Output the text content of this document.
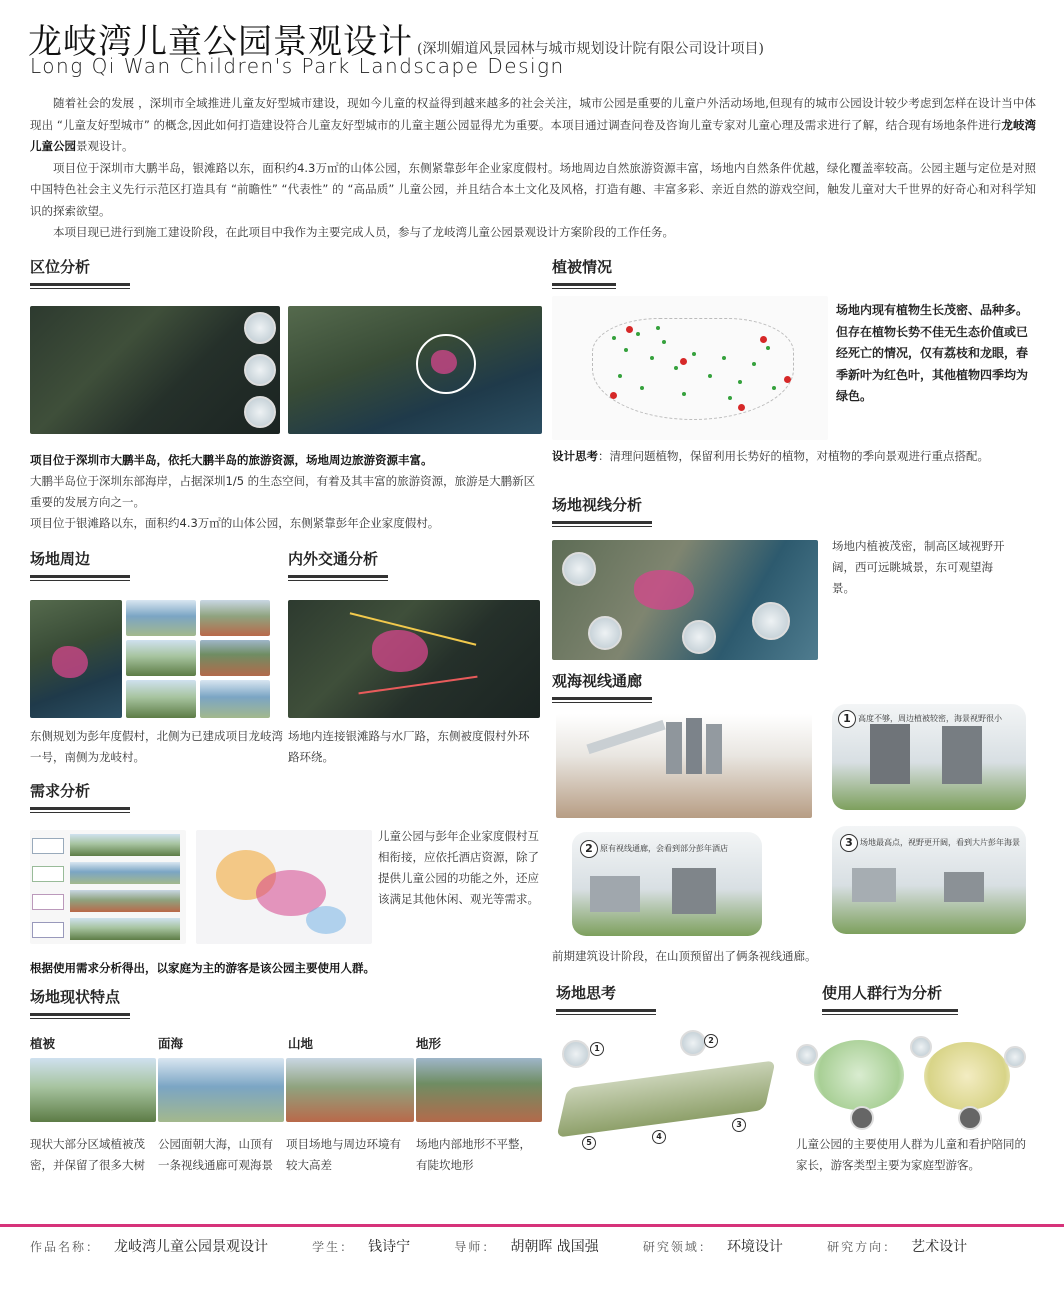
龙岐湾儿童公园景观设计 (深圳媚道风景园林与城市规划设计院有限公司设计项目)
Long Qi Wan Children's Park Landscape Design

随着社会的发展 ，深圳市全域推进儿童友好型城市建设，现如今儿童的权益得到越来越多的社会关注，城市公园是重要的儿童户外活动场地,但现有的城市公园设计较少考虑到怎样在设计当中体现出 “儿童友好型城市” 的概念,因此如何打造建设符合儿童友好型城市的儿童主题公园显得尤为重要。本项目通过调查问卷及咨询儿童专家对儿童心理及需求进行了解，结合现有场地条件进行龙岐湾儿童公园景观设计。

项目位于深圳市大鹏半岛，银滩路以东，面积约4.3万㎡的山体公园，东侧紧靠彭年企业家度假村。场地周边自然旅游资源丰富，场地内自然条件优越，绿化覆盖率较高。公园主题与定位是对照中国特色社会主义先行示范区打造具有 “前瞻性” “代表性” 的 “高品质” 儿童公园，并且结合本土文化及风格，打造有趣、丰富多彩、亲近自然的游戏空间，触发儿童对大千世界的好奇心和对科学知识的探索欲望。

本项目现已进行到施工建设阶段，在此项目中我作为主要完成人员，参与了龙岐湾儿童公园景观设计方案阶段的工作任务。

区位分析
项目位于深圳市大鹏半岛，依托大鹏半岛的旅游资源，场地周边旅游资源丰富。
大鹏半岛位于深圳东部海岸，占据深圳1/5 的生态空间，有着及其丰富的旅游资源，旅游是大鹏新区重要的发展方向之一。
项目位于银滩路以东，面积约4.3万㎡的山体公园，东侧紧靠彭年企业家度假村。
植被情况
场地内现有植物生长茂密、品种多。但存在植物长势不佳无生态价值或已经死亡的情况，仅有荔枝和龙眼，春季新叶为红色叶，其他植物四季均为绿色。
设计思考：清理问题植物，保留利用长势好的植物，对植物的季向景观进行重点搭配。
场地视线分析
场地内植被茂密，制高区域视野开阔，西可远眺城景，东可观望海景。
场地周边
东侧规划为彭年度假村，北侧为已建成项目龙岐湾一号，南侧为龙岐村。
内外交通分析
场地内连接银滩路与水厂路，东侧被度假村外环路环绕。
观海视线通廊
1 高度不够，周边植被较密，海景视野很小
2 原有视线通廊，会看到部分彭年酒店	3 场地最高点，视野更开阔，看到大片彭年海景
前期建筑设计阶段，在山顶预留出了俩条视线通廊。
需求分析
儿童公园与彭年企业家度假村互相衔接，应依托酒店资源，除了提供儿童公园的功能之外，还应该满足其他休闲、观光等需求。
根据使用需求分析得出，以家庭为主的游客是该公园主要使用人群。
场地现状特点
植被	面海	山地	地形
现状大部分区域植被茂密，并保留了很多大树
公园面朝大海，山顶有一条视线通廊可观海景
项目场地与周边环境有较大高差
场地内部地形不平整，有陡坎地形
场地思考
1
2
3
4
5
使用人群行为分析
儿童公园的主要使用人群为儿童和看护陪同的家长，游客类型主要为家庭型游客。
作品名称： 龙岐湾儿童公园景观设计	学生： 钱诗宁	导师： 胡朝晖 战国强	研究领域： 环境设计	研究方向： 艺术设计
